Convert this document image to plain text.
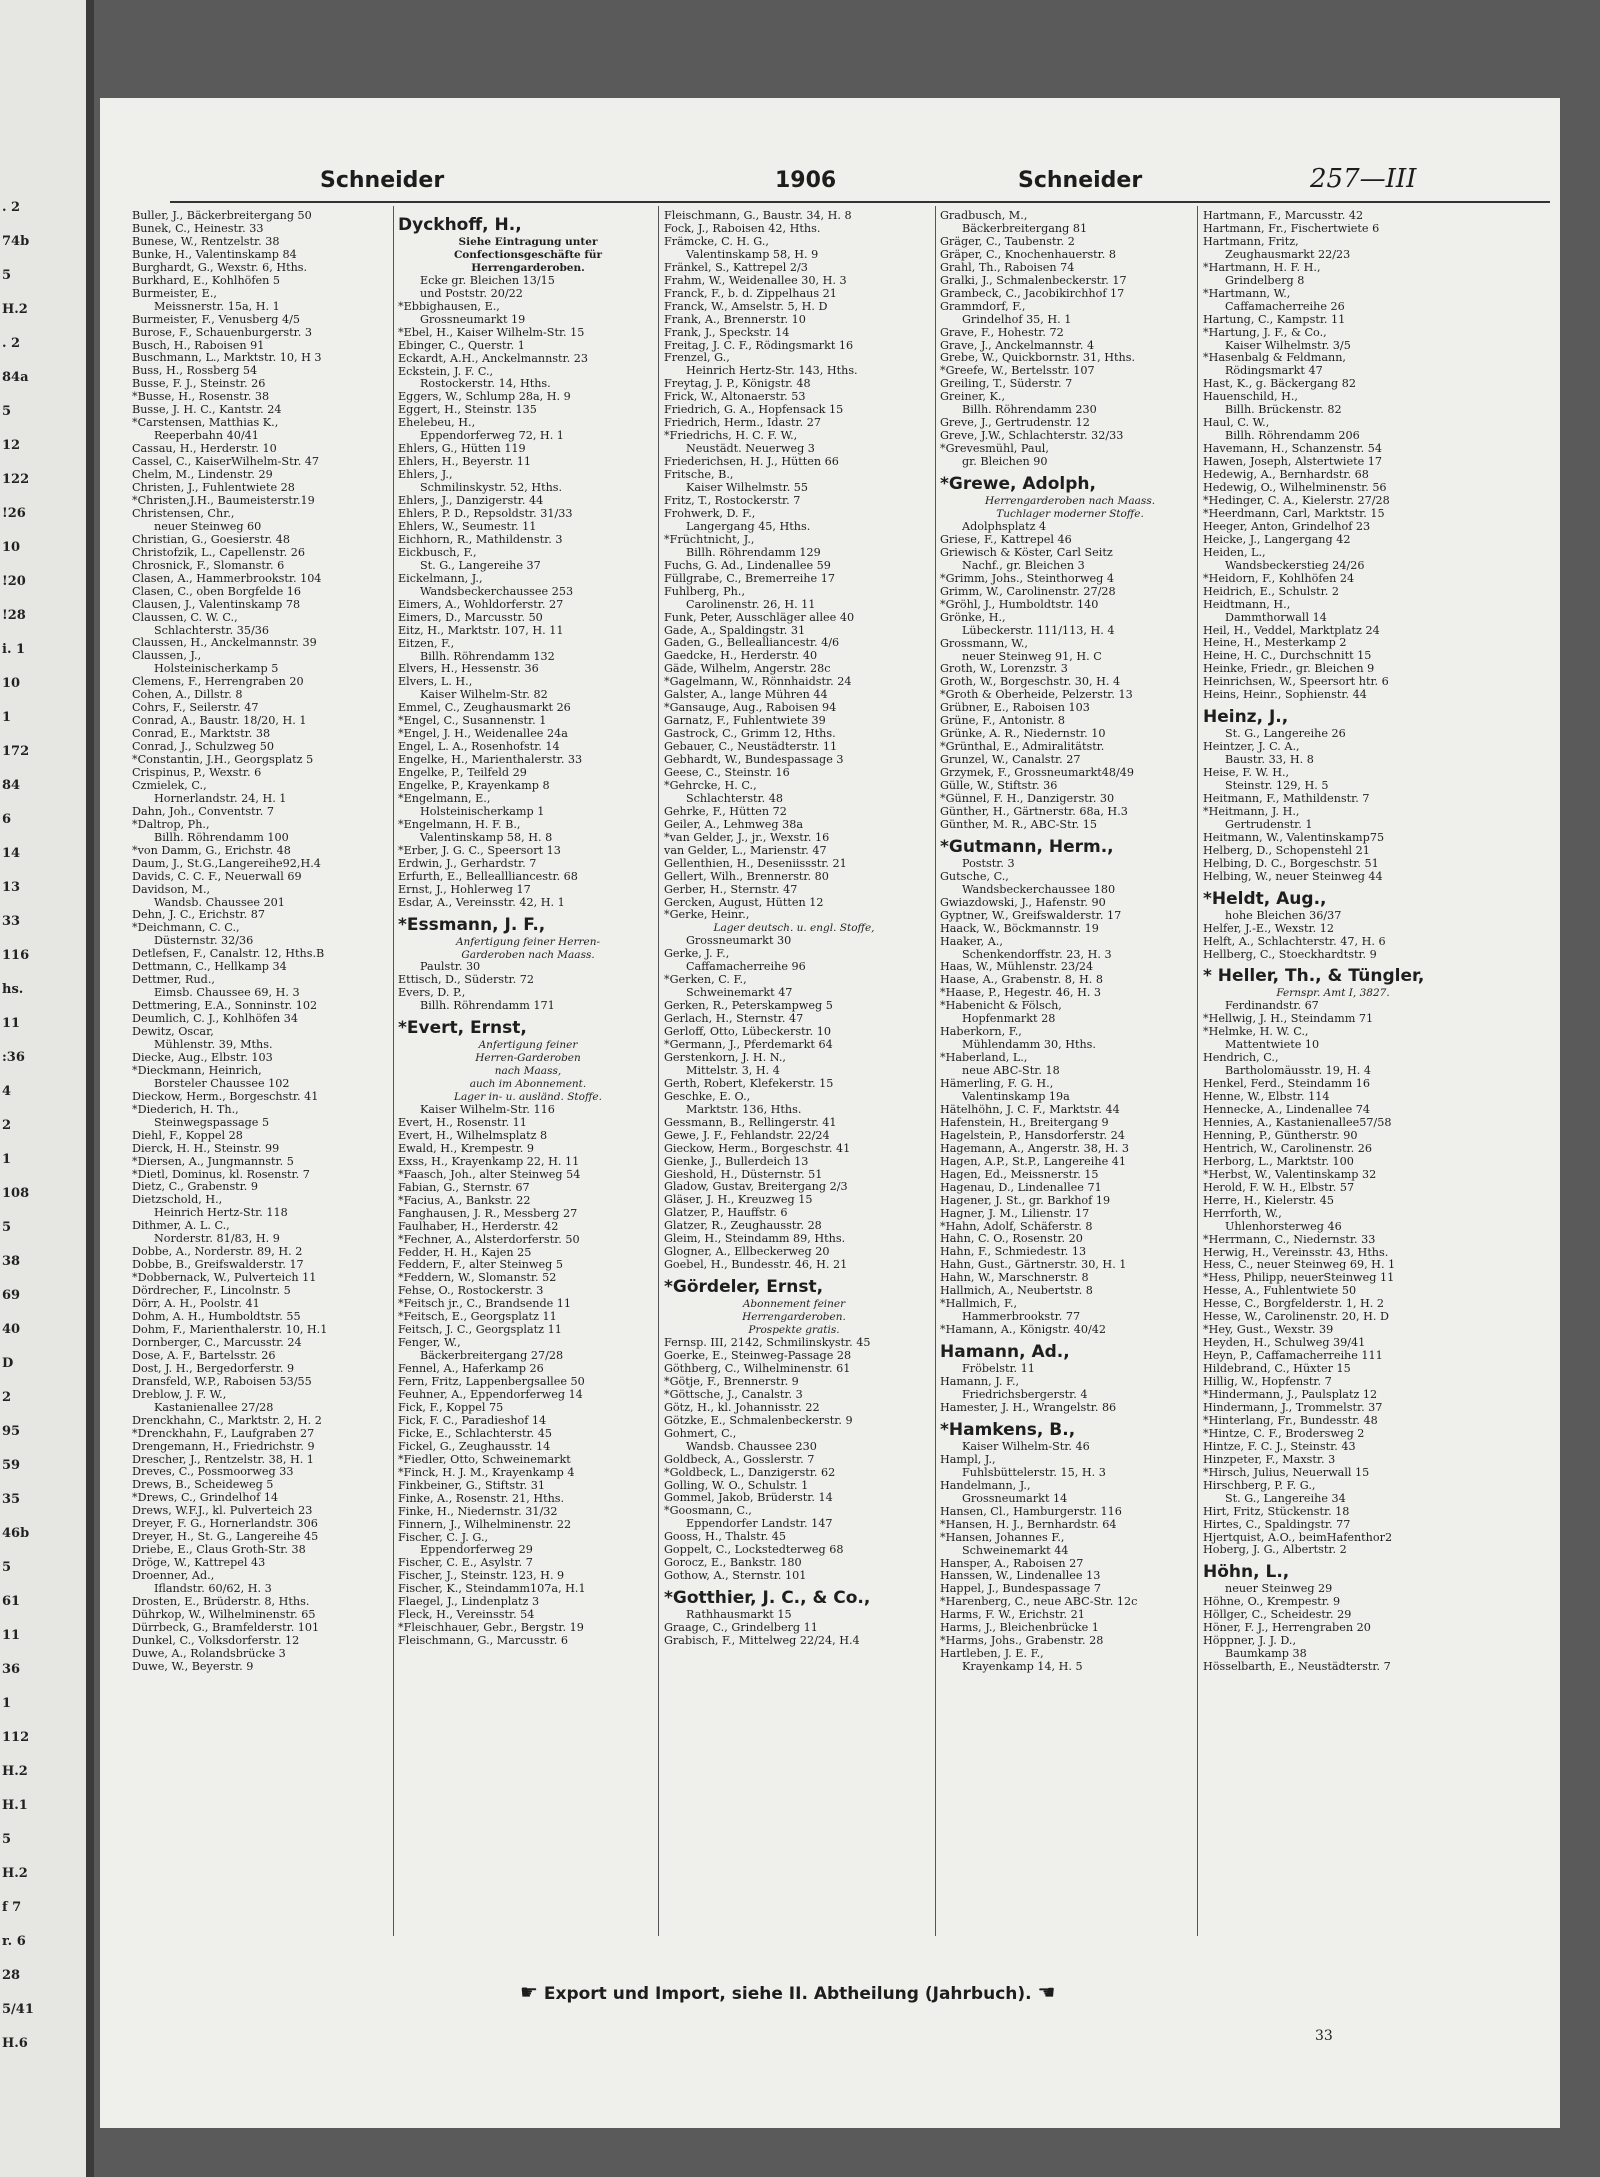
. 2
74b
5
H.2
. 2
84a
5
12
122
!26
10
!20
!28
i. 1
10
1
172
84
6
14
13
33
116
hs.
11
:36
4
2
1
108
5
38
69
40
D
2
95
59
35
46b
5
61
11
36
1
112
H.2
H.1
5
H.2
f 7
r. 6
28
5/41
H.6
Schneider	1906	Schneider	257—III
Buller, J., Bäckerbreitergang 50
Bunek, C., Heinestr. 33
Bunese, W., Rentzelstr. 38
Bunke, H., Valentinskamp 84
Burghardt, G., Wexstr. 6, Hths.
Burkhard, E., Kohlhöfen 5
Burmeister, E.,
Meissnerstr. 15a, H. 1
Burmeister, F., Venusberg 4/5
Burose, F., Schauenburgerstr. 3
Busch, H., Raboisen 91
Buschmann, L., Marktstr. 10, H 3
Buss, H., Rossberg 54
Busse, F. J., Steinstr. 26
*Busse, H., Rosenstr. 38
Busse, J. H. C., Kantstr. 24
*Carstensen, Matthias K.,
Reeperbahn 40/41
Cassau, H., Herderstr. 10
Cassel, C., KaiserWilhelm-Str. 47
Chelm, M., Lindenstr. 29
Christen, J., Fuhlentwiete 28
*Christen,J.H., Baumeisterstr.19
Christensen, Chr.,
neuer Steinweg 60
Christian, G., Goesierstr. 48
Christofzik, L., Capellenstr. 26
Chrosnick, F., Slomanstr. 6
Clasen, A., Hammerbrookstr. 104
Clasen, C., oben Borgfelde 16
Clausen, J., Valentinskamp 78
Claussen, C. W. C.,
Schlachterstr. 35/36
Claussen, H., Anckelmannstr. 39
Claussen, J.,
Holsteinischerkamp 5
Clemens, F., Herrengraben 20
Cohen, A., Dillstr. 8
Cohrs, F., Seilerstr. 47
Conrad, A., Baustr. 18/20, H. 1
Conrad, E., Marktstr. 38
Conrad, J., Schulzweg 50
*Constantin, J.H., Georgsplatz 5
Crispinus, P., Wexstr. 6
Czmielek, C.,
Hornerlandstr. 24, H. 1
Dahn, Joh., Conventstr. 7
*Daltrop, Ph.,
Billh. Röhrendamm 100
*von Damm, G., Erichstr. 48
Daum, J., St.G.,Langereihe92,H.4
Davids, C. C. F., Neuerwall 69
Davidson, M.,
Wandsb. Chaussee 201
Dehn, J. C., Erichstr. 87
*Deichmann, C. C.,
Düsternstr. 32/36
Detlefsen, F., Canalstr. 12, Hths.B
Dettmann, C., Hellkamp 34
Dettmer, Rud.,
Eimsb. Chaussee 69, H. 3
Dettmering, E.A., Sonninstr. 102
Deumlich, C. J., Kohlhöfen 34
Dewitz, Oscar,
Mühlenstr. 39, Mths.
Diecke, Aug., Elbstr. 103
*Dieckmann, Heinrich,
Borsteler Chaussee 102
Dieckow, Herm., Borgeschstr. 41
*Diederich, H. Th.,
Steinwegspassage 5
Diehl, F., Koppel 28
Dierck, H. H., Steinstr. 99
*Diersen, A., Jungmannstr. 5
*Dietl, Dominus, kl. Rosenstr. 7
Dietz, C., Grabenstr. 9
Dietzschold, H.,
Heinrich Hertz-Str. 118
Dithmer, A. L. C.,
Norderstr. 81/83, H. 9
Dobbe, A., Norderstr. 89, H. 2
Dobbe, B., Greifswalderstr. 17
*Dobbernack, W., Pulverteich 11
Dördrecher, F., Lincolnstr. 5
Dörr, A. H., Poolstr. 41
Dohm, A. H., Humboldtstr. 55
Dohm, F., Marienthalerstr. 10, H.1
Dornberger, C., Marcusstr. 24
Dose, A. F., Bartelsstr. 26
Dost, J. H., Bergedorferstr. 9
Dransfeld, W.P., Raboisen 53/55
Dreblow, J. F. W.,
Kastanienallee 27/28
Drenckhahn, C., Marktstr. 2, H. 2
*Drenckhahn, F., Laufgraben 27
Drengemann, H., Friedrichstr. 9
Drescher, J., Rentzelstr. 38, H. 1
Dreves, C., Possmoorweg 33
Drews, B., Scheideweg 5
*Drews, C., Grindelhof 14
Drews, W.F.J., kl. Pulverteich 23
Dreyer, F. G., Hornerlandstr. 306
Dreyer, H., St. G., Langereihe 45
Driebe, E., Claus Groth-Str. 38
Dröge, W., Kattrepel 43
Droenner, Ad.,
Iflandstr. 60/62, H. 3
Drosten, E., Brüderstr. 8, Hths.
Dührkop, W., Wilhelminenstr. 65
Dürrbeck, G., Bramfelderstr. 101
Dunkel, C., Volksdorferstr. 12
Duwe, A., Rolandsbrücke 3
Duwe, W., Beyerstr. 9
Dyckhoff, H.,
Siehe Eintragung unter
Confectionsgeschäfte für
Herrengarderoben.
Ecke gr. Bleichen 13/15
und Poststr. 20/22
*Ebbighausen, E.,
Grossneumarkt 19
*Ebel, H., Kaiser Wilhelm-Str. 15
Ebinger, C., Querstr. 1
Eckardt, A.H., Anckelmannstr. 23
Eckstein, J. F. C.,
Rostockerstr. 14, Hths.
Eggers, W., Schlump 28a, H. 9
Eggert, H., Steinstr. 135
Ehelebeu, H.,
Eppendorferweg 72, H. 1
Ehlers, G., Hütten 119
Ehlers, H., Beyerstr. 11
Ehlers, J.,
Schmilinskystr. 52, Hths.
Ehlers, J., Danzigerstr. 44
Ehlers, P. D., Repsoldstr. 31/33
Ehlers, W., Seumestr. 11
Eichhorn, R., Mathildenstr. 3
Eickbusch, F.,
St. G., Langereihe 37
Eickelmann, J.,
Wandsbeckerchaussee 253
Eimers, A., Wohldorferstr. 27
Eimers, D., Marcusstr. 50
Eitz, H., Marktstr. 107, H. 11
Eitzen, F.,
Billh. Röhrendamm 132
Elvers, H., Hessenstr. 36
Elvers, L. H.,
Kaiser Wilhelm-Str. 82
Emmel, C., Zeughausmarkt 26
*Engel, C., Susannenstr. 1
*Engel, J. H., Weidenallee 24a
Engel, L. A., Rosenhofstr. 14
Engelke, H., Marienthalerstr. 33
Engelke, P., Teilfeld 29
Engelke, P., Krayenkamp 8
*Engelmann, E.,
Holsteinischerkamp 1
*Engelmann, H. F. B.,
Valentinskamp 58, H. 8
*Erber, J. G. C., Speersort 13
Erdwin, J., Gerhardstr. 7
Erfurth, E., Belleallliancestr. 68
Ernst, J., Hohlerweg 17
Esdar, A., Vereinsstr. 42, H. 1
*Essmann, J. F.,
Anfertigung feiner Herren-
Garderoben nach Maass.
Paulstr. 30
Ettisch, D., Süderstr. 72
Evers, D. P.,
Billh. Röhrendamm 171
*Evert, Ernst,
Anfertigung feiner
Herren-Garderoben
nach Maass,
auch im Abonnement.
Lager in- u. ausländ. Stoffe.
Kaiser Wilhelm-Str. 116
Evert, H., Rosenstr. 11
Evert, H., Wilhelmsplatz 8
Ewald, H., Krempestr. 9
Exss, H., Krayenkamp 22, H. 11
*Faasch, Joh., alter Steinweg 54
Fabian, G., Sternstr. 67
*Facius, A., Bankstr. 22
Fanghausen, J. R., Messberg 27
Faulhaber, H., Herderstr. 42
*Fechner, A., Alsterdorferstr. 50
Fedder, H. H., Kajen 25
Feddern, F., alter Steinweg 5
*Feddern, W., Slomanstr. 52
Fehse, O., Rostockerstr. 3
*Feitsch jr., C., Brandsende 11
*Feitsch, E., Georgsplatz 11
Feitsch, J. C., Georgsplatz 11
Fenger, W.,
Bäckerbreitergang 27/28
Fennel, A., Haferkamp 26
Fern, Fritz, Lappenbergsallee 50
Feuhner, A., Eppendorferweg 14
Fick, F., Koppel 75
Fick, F. C., Paradieshof 14
Ficke, E., Schlachterstr. 45
Fickel, G., Zeughausstr. 14
*Fiedler, Otto, Schweinemarkt
*Finck, H. J. M., Krayenkamp 4
Finkbeiner, G., Stiftstr. 31
Finke, A., Rosenstr. 21, Hths.
Finke, H., Niedernstr. 31/32
Finnern, J., Wilhelminenstr. 22
Fischer, C. J. G.,
Eppendorferweg 29
Fischer, C. E., Asylstr. 7
Fischer, J., Steinstr. 123, H. 9
Fischer, K., Steindamm107a, H.1
Flaegel, J., Lindenplatz 3
Fleck, H., Vereinsstr. 54
*Fleischhauer, Gebr., Bergstr. 19
Fleischmann, G., Marcusstr. 6
Fleischmann, G., Baustr. 34, H. 8
Fock, J., Raboisen 42, Hths.
Främcke, C. H. G.,
Valentinskamp 58, H. 9
Fränkel, S., Kattrepel 2/3
Frahm, W., Weidenallee 30, H. 3
Franck, F., b. d. Zippelhaus 21
Franck, W., Amselstr. 5, H. D
Frank, A., Brennerstr. 10
Frank, J., Speckstr. 14
Freitag, J. C. F., Rödingsmarkt 16
Frenzel, G.,
Heinrich Hertz-Str. 143, Hths.
Freytag, J. P., Königstr. 48
Frick, W., Altonaerstr. 53
Friedrich, G. A., Hopfensack 15
Friedrich, Herm., Idastr. 27
*Friedrichs, H. C. F. W.,
Neustädt. Neuerweg 3
Friederichsen, H. J., Hütten 66
Fritsche, B.,
Kaiser Wilhelmstr. 55
Fritz, T., Rostockerstr. 7
Frohwerk, D. F.,
Langergang 45, Hths.
*Früchtnicht, J.,
Billh. Röhrendamm 129
Fuchs, G. Ad., Lindenallee 59
Füllgrabe, C., Bremerreihe 17
Fuhlberg, Ph.,
Carolinenstr. 26, H. 11
Funk, Peter, Ausschläger allee 40
Gade, A., Spaldingstr. 31
Gaden, G., Bellealliancestr. 4/6
Gaedcke, H., Herderstr. 40
Gäde, Wilhelm, Angerstr. 28c
*Gagelmann, W., Rönnhaidstr. 24
Galster, A., lange Mühren 44
*Gansauge, Aug., Raboisen 94
Garnatz, F., Fuhlentwiete 39
Gastrock, C., Grimm 12, Hths.
Gebauer, C., Neustädterstr. 11
Gebhardt, W., Bundespassage 3
Geese, C., Steinstr. 16
*Gehrcke, H. C.,
Schlachterstr. 48
Gehrke, F., Hütten 72
Geiler, A., Lehmweg 38a
*van Gelder, J., jr., Wexstr. 16
van Gelder, L., Marienstr. 47
Gellenthien, H., Deseniissstr. 21
Gellert, Wilh., Brennerstr. 80
Gerber, H., Sternstr. 47
Gercken, August, Hütten 12
*Gerke, Heinr.,
Lager deutsch. u. engl. Stoffe,
Grossneumarkt 30
Gerke, J. F.,
Caffamacherreihe 96
*Gerken, C. F.,
Schweinemarkt 47
Gerken, R., Peterskampweg 5
Gerlach, H., Sternstr. 47
Gerloff, Otto, Lübeckerstr. 10
*Germann, J., Pferdemarkt 64
Gerstenkorn, J. H. N.,
Mittelstr. 3, H. 4
Gerth, Robert, Klefekerstr. 15
Geschke, E. O.,
Marktstr. 136, Hths.
Gessmann, B., Rellingerstr. 41
Gewe, J. F., Fehlandstr. 22/24
Gieckow, Herm., Borgeschstr. 41
Gienke, J., Bullerdeich 13
Gieshold, H., Düsternstr. 51
Gladow, Gustav, Breitergang 2/3
Gläser, J. H., Kreuzweg 15
Glatzer, P., Hauffstr. 6
Glatzer, R., Zeughausstr. 28
Gleim, H., Steindamm 89, Hths.
Glogner, A., Ellbeckerweg 20
Goebel, H., Bundesstr. 46, H. 21
*Gördeler, Ernst,
Abonnement feiner
Herrengarderoben.
Prospekte gratis.
Fernsp. III, 2142, Schmilinskystr. 45
Goerke, E., Steinweg-Passage 28
Göthberg, C., Wilhelminenstr. 61
*Götje, F., Brennerstr. 9
*Göttsche, J., Canalstr. 3
Götz, H., kl. Johannisstr. 22
Götzke, E., Schmalenbeckerstr. 9
Gohmert, C.,
Wandsb. Chaussee 230
Goldbeck, A., Gosslerstr. 7
*Goldbeck, L., Danzigerstr. 62
Golling, W. O., Schulstr. 1
Gommel, Jakob, Brüderstr. 14
*Goosmann, C.,
Eppendorfer Landstr. 147
Gooss, H., Thalstr. 45
Goppelt, C., Lockstedterweg 68
Gorocz, E., Bankstr. 180
Gothow, A., Sternstr. 101
*Gotthier, J. C., & Co.,
Rathhausmarkt 15
Graage, C., Grindelberg 11
Grabisch, F., Mittelweg 22/24, H.4
Gradbusch, M.,
Bäckerbreitergang 81
Gräger, C., Taubenstr. 2
Gräper, C., Knochenhauerstr. 8
Grahl, Th., Raboisen 74
Gralki, J., Schmalenbeckerstr. 17
Grambeck, C., Jacobikirchhof 17
Grammdorf, F.,
Grindelhof 35, H. 1
Grave, F., Hohestr. 72
Grave, J., Anckelmannstr. 4
Grebe, W., Quickbornstr. 31, Hths.
*Greefe, W., Bertelsstr. 107
Greiling, T., Süderstr. 7
Greiner, K.,
Billh. Röhrendamm 230
Greve, J., Gertrudenstr. 12
Greve, J.W., Schlachterstr. 32/33
*Grevesmühl, Paul,
gr. Bleichen 90
*Grewe, Adolph,
Herrengarderoben nach Maass.
Tuchlager moderner Stoffe.
Adolphsplatz 4
Griese, F., Kattrepel 46
Griewisch & Köster, Carl Seitz
Nachf., gr. Bleichen 3
*Grimm, Johs., Steinthorweg 4
Grimm, W., Carolinenstr. 27/28
*Gröhl, J., Humboldtstr. 140
Grönke, H.,
Lübeckerstr. 111/113, H. 4
Grossmann, W.,
neuer Steinweg 91, H. C
Groth, W., Lorenzstr. 3
Groth, W., Borgeschstr. 30, H. 4
*Groth & Oberheide, Pelzerstr. 13
Grübner, E., Raboisen 103
Grüne, F., Antonistr. 8
Grünke, A. R., Niedernstr. 10
*Grünthal, E., Admiralitätstr.
Grunzel, W., Canalstr. 27
Grzymek, F., Grossneumarkt48/49
Gülle, W., Stiftstr. 36
*Günnel, F. H., Danzigerstr. 30
Günther, H., Gärtnerstr. 68a, H.3
Günther, M. R., ABC-Str. 15
*Gutmann, Herm.,
Poststr. 3
Gutsche, C.,
Wandsbeckerchaussee 180
Gwiazdowski, J., Hafenstr. 90
Gyptner, W., Greifswalderstr. 17
Haack, W., Böckmannstr. 19
Haaker, A.,
Schenkendorffstr. 23, H. 3
Haas, W., Mühlenstr. 23/24
Haase, A., Grabenstr. 8, H. 8
*Haase, P., Hegestr. 46, H. 3
*Habenicht & Fölsch,
Hopfenmarkt 28
Haberkorn, F.,
Mühlendamm 30, Hths.
*Haberland, L.,
neue ABC-Str. 18
Hämerling, F. G. H.,
Valentinskamp 19a
Hätelhöhn, J. C. F., Marktstr. 44
Hafenstein, H., Breitergang 9
Hagelstein, P., Hansdorferstr. 24
Hagemann, A., Angerstr. 38, H. 3
Hagen, A.P., St.P., Langereihe 41
Hagen, Ed., Meissnerstr. 15
Hagenau, D., Lindenallee 71
Hagener, J. St., gr. Barkhof 19
Hagner, J. M., Lilienstr. 17
*Hahn, Adolf, Schäferstr. 8
Hahn, C. O., Rosenstr. 20
Hahn, F., Schmiedestr. 13
Hahn, Gust., Gärtnerstr. 30, H. 1
Hahn, W., Marschnerstr. 8
Hallmich, A., Neubertstr. 8
*Hallmich, F.,
Hammerbrookstr. 77
*Hamann, A., Königstr. 40/42
Hamann, Ad.,
Fröbelstr. 11
Hamann, J. F.,
Friedrichsbergerstr. 4
Hamester, J. H., Wrangelstr. 86
*Hamkens, B.,
Kaiser Wilhelm-Str. 46
Hampl, J.,
Fuhlsbüttelerstr. 15, H. 3
Handelmann, J.,
Grossneumarkt 14
Hansen, Cl., Hamburgerstr. 116
*Hansen, H. J., Bernhardstr. 64
*Hansen, Johannes F.,
Schweinemarkt 44
Hansper, A., Raboisen 27
Hanssen, W., Lindenallee 13
Happel, J., Bundespassage 7
*Harenberg, C., neue ABC-Str. 12c
Harms, F. W., Erichstr. 21
Harms, J., Bleichenbrücke 1
*Harms, Johs., Grabenstr. 28
Hartleben, J. E. F.,
Krayenkamp 14, H. 5
Hartmann, F., Marcusstr. 42
Hartmann, Fr., Fischertwiete 6
Hartmann, Fritz,
Zeughausmarkt 22/23
*Hartmann, H. F. H.,
Grindelberg 8
*Hartmann, W.,
Caffamacherreihe 26
Hartung, C., Kampstr. 11
*Hartung, J. F., & Co.,
Kaiser Wilhelmstr. 3/5
*Hasenbalg & Feldmann,
Rödingsmarkt 47
Hast, K., g. Bäckergang 82
Hauenschild, H.,
Billh. Brückenstr. 82
Haul, C. W.,
Billh. Röhrendamm 206
Havemann, H., Schanzenstr. 54
Hawen, Joseph, Alstertwiete 17
Hedewig, A., Bernhardstr. 68
Hedewig, O., Wilhelminenstr. 56
*Hedinger, C. A., Kielerstr. 27/28
*Heerdmann, Carl, Marktstr. 15
Heeger, Anton, Grindelhof 23
Heicke, J., Langergang 42
Heiden, L.,
Wandsbeckerstieg 24/26
*Heidorn, F., Kohlhöfen 24
Heidrich, E., Schulstr. 2
Heidtmann, H.,
Dammthorwall 14
Heil, H., Veddel, Marktplatz 24
Heine, H., Mesterkamp 2
Heine, H. C., Durchschnitt 15
Heinke, Friedr., gr. Bleichen 9
Heinrichsen, W., Speersort htr. 6
Heins, Heinr., Sophienstr. 44
Heinz, J.,
St. G., Langereihe 26
Heintzer, J. C. A.,
Baustr. 33, H. 8
Heise, F. W. H.,
Steinstr. 129, H. 5
Heitmann, F., Mathildenstr. 7
*Heitmann, J. H.,
Gertrudenstr. 1
Heitmann, W., Valentinskamp75
Helberg, D., Schopenstehl 21
Helbing, D. C., Borgeschstr. 51
Helbing, W., neuer Steinweg 44
*Heldt, Aug.,
hohe Bleichen 36/37
Helfer, J.-E., Wexstr. 12
Helft, A., Schlachterstr. 47, H. 6
Hellberg, C., Stoeckhardtstr. 9
* Heller, Th., & Tüngler,
Fernspr. Amt I, 3827.
Ferdinandstr. 67
*Hellwig, J. H., Steindamm 71
*Helmke, H. W. C.,
Mattentwiete 10
Hendrich, C.,
Bartholomäusstr. 19, H. 4
Henkel, Ferd., Steindamm 16
Henne, W., Elbstr. 114
Hennecke, A., Lindenallee 74
Hennies, A., Kastanienallee57/58
Henning, P., Güntherstr. 90
Hentrich, W., Carolinenstr. 26
Herborg, L., Marktstr. 100
*Herbst, W., Valentinskamp 32
Herold, F. W. H., Elbstr. 57
Herre, H., Kielerstr. 45
Herrforth, W.,
Uhlenhorsterweg 46
*Herrmann, C., Niedernstr. 33
Herwig, H., Vereinsstr. 43, Hths.
Hess, C., neuer Steinweg 69, H. 1
*Hess, Philipp, neuerSteinweg 11
Hesse, A., Fuhlentwiete 50
Hesse, C., Borgfelderstr. 1, H. 2
Hesse, W., Carolinenstr. 20, H. D
*Hey, Gust., Wexstr. 39
Heyden, H., Schulweg 39/41
Heyn, P., Caffamacherreihe 111
Hildebrand, C., Hüxter 15
Hillig, W., Hopfenstr. 7
*Hindermann, J., Paulsplatz 12
Hindermann, J., Trommelstr. 37
*Hinterlang, Fr., Bundesstr. 48
*Hintze, C. F., Brodersweg 2
Hintze, F. C. J., Steinstr. 43
Hinzpeter, F., Maxstr. 3
*Hirsch, Julius, Neuerwall 15
Hirschberg, P. F. G.,
St. G., Langereihe 34
Hirt, Fritz, Stückenstr. 18
Hirtes, C., Spaldingstr. 77
Hjertquist, A.O., beimHafenthor2
Hoberg, J. G., Albertstr. 2
Höhn, L.,
neuer Steinweg 29
Höhne, O., Krempestr. 9
Höllger, C., Scheidestr. 29
Höner, F. J., Herrengraben 20
Höppner, J. J. D.,
Baumkamp 38
Hösselbarth, E., Neustädterstr. 7
☛ Export und Import, siehe II. Abtheilung (Jahrbuch). ☚
33
